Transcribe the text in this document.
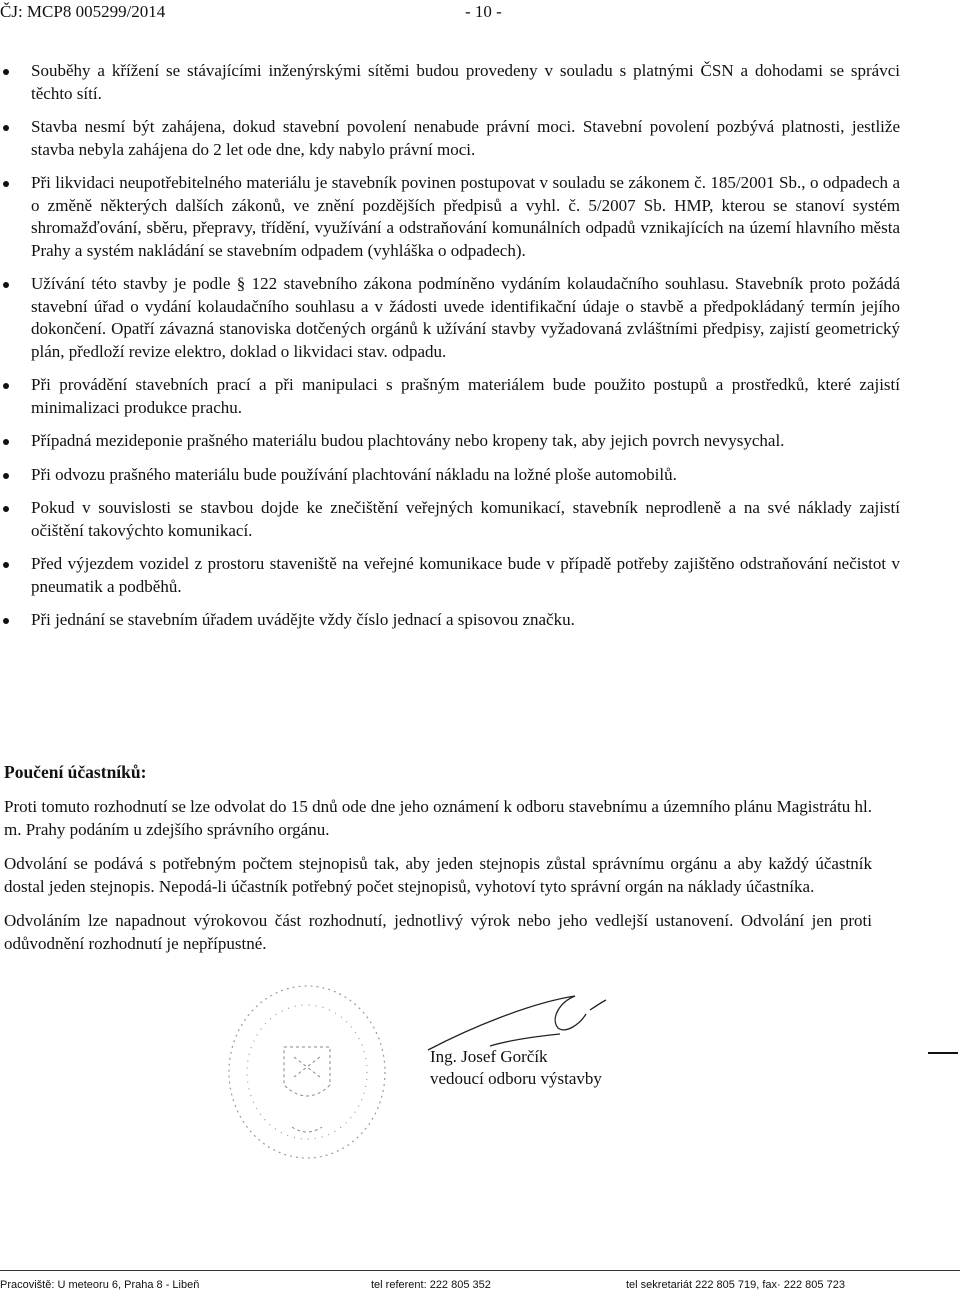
ČJ: MCP8 005299/2014	- 10 -
Souběhy a křížení se stávajícími inženýrskými sítěmi budou provedeny v souladu s platnými ČSN a dohodami se správci těchto sítí.
Stavba nesmí být zahájena, dokud stavební povolení nenabude právní moci. Stavební povolení pozbývá platnosti, jestliže stavba nebyla zahájena do 2 let ode dne, kdy nabylo právní moci.
Při likvidaci neupotřebitelného materiálu je stavebník povinen postupovat v souladu se zákonem č. 185/2001 Sb., o odpadech a o změně některých dalších zákonů, ve znění pozdějších předpisů a vyhl. č. 5/2007 Sb. HMP, kterou se stanoví systém shromažďování, sběru, přepravy, třídění, využívání a odstraňování komunálních odpadů vznikajících na území hlavního města Prahy a systém nakládání se stavebním odpadem (vyhláška o odpadech).
Užívání této stavby je podle § 122 stavebního zákona podmíněno vydáním kolaudačního souhlasu. Stavebník proto požádá stavební úřad o vydání kolaudačního souhlasu a v žádosti uvede identifikační údaje o stavbě a předpokládaný termín jejího dokončení. Opatří závazná stanoviska dotčených orgánů k užívání stavby vyžadovaná zvláštními předpisy, zajistí geometrický plán, předloží revize elektro, doklad o likvidaci stav. odpadu.
Při provádění stavebních prací a při manipulaci s prašným materiálem bude použito postupů a prostředků, které zajistí minimalizaci produkce prachu.
Případná mezideponie prašného materiálu budou plachtovány nebo kropeny tak, aby jejich povrch nevysychal.
Při odvozu prašného materiálu bude používání plachtování nákladu na ložné ploše automobilů.
Pokud v souvislosti se stavbou dojde ke znečištění veřejných komunikací, stavebník neprodleně a na své náklady zajistí očištění takovýchto komunikací.
Před výjezdem vozidel z prostoru staveniště na veřejné komunikace bude v případě potřeby zajištěno odstraňování nečistot v pneumatik a podběhů.
Při jednání se stavebním úřadem uvádějte vždy číslo jednací a spisovou značku.
Poučení účastníků:

Proti tomuto rozhodnutí se lze odvolat do 15 dnů ode dne jeho oznámení k odboru stavebnímu a územního plánu Magistrátu hl. m. Prahy podáním u zdejšího správního orgánu.

Odvolání se podává s potřebným počtem stejnopisů tak, aby jeden stejnopis zůstal správnímu orgánu a aby každý účastník dostal jeden stejnopis. Nepodá-li účastník potřebný počet stejnopisů, vyhotoví tyto správní orgán na náklady účastníka.

Odvoláním lze napadnout výrokovou část rozhodnutí, jednotlivý výrok nebo jeho vedlejší ustanovení. Odvolání jen proti odůvodnění rozhodnutí je nepřípustné.

Ing. Josef Gorčík
vedoucí odboru výstavby
Pracoviště: U meteoru 6, Praha 8 - Libeň	tel referent: 222 805 352	tel sekretariát 222 805 719, fax· 222 805 723
